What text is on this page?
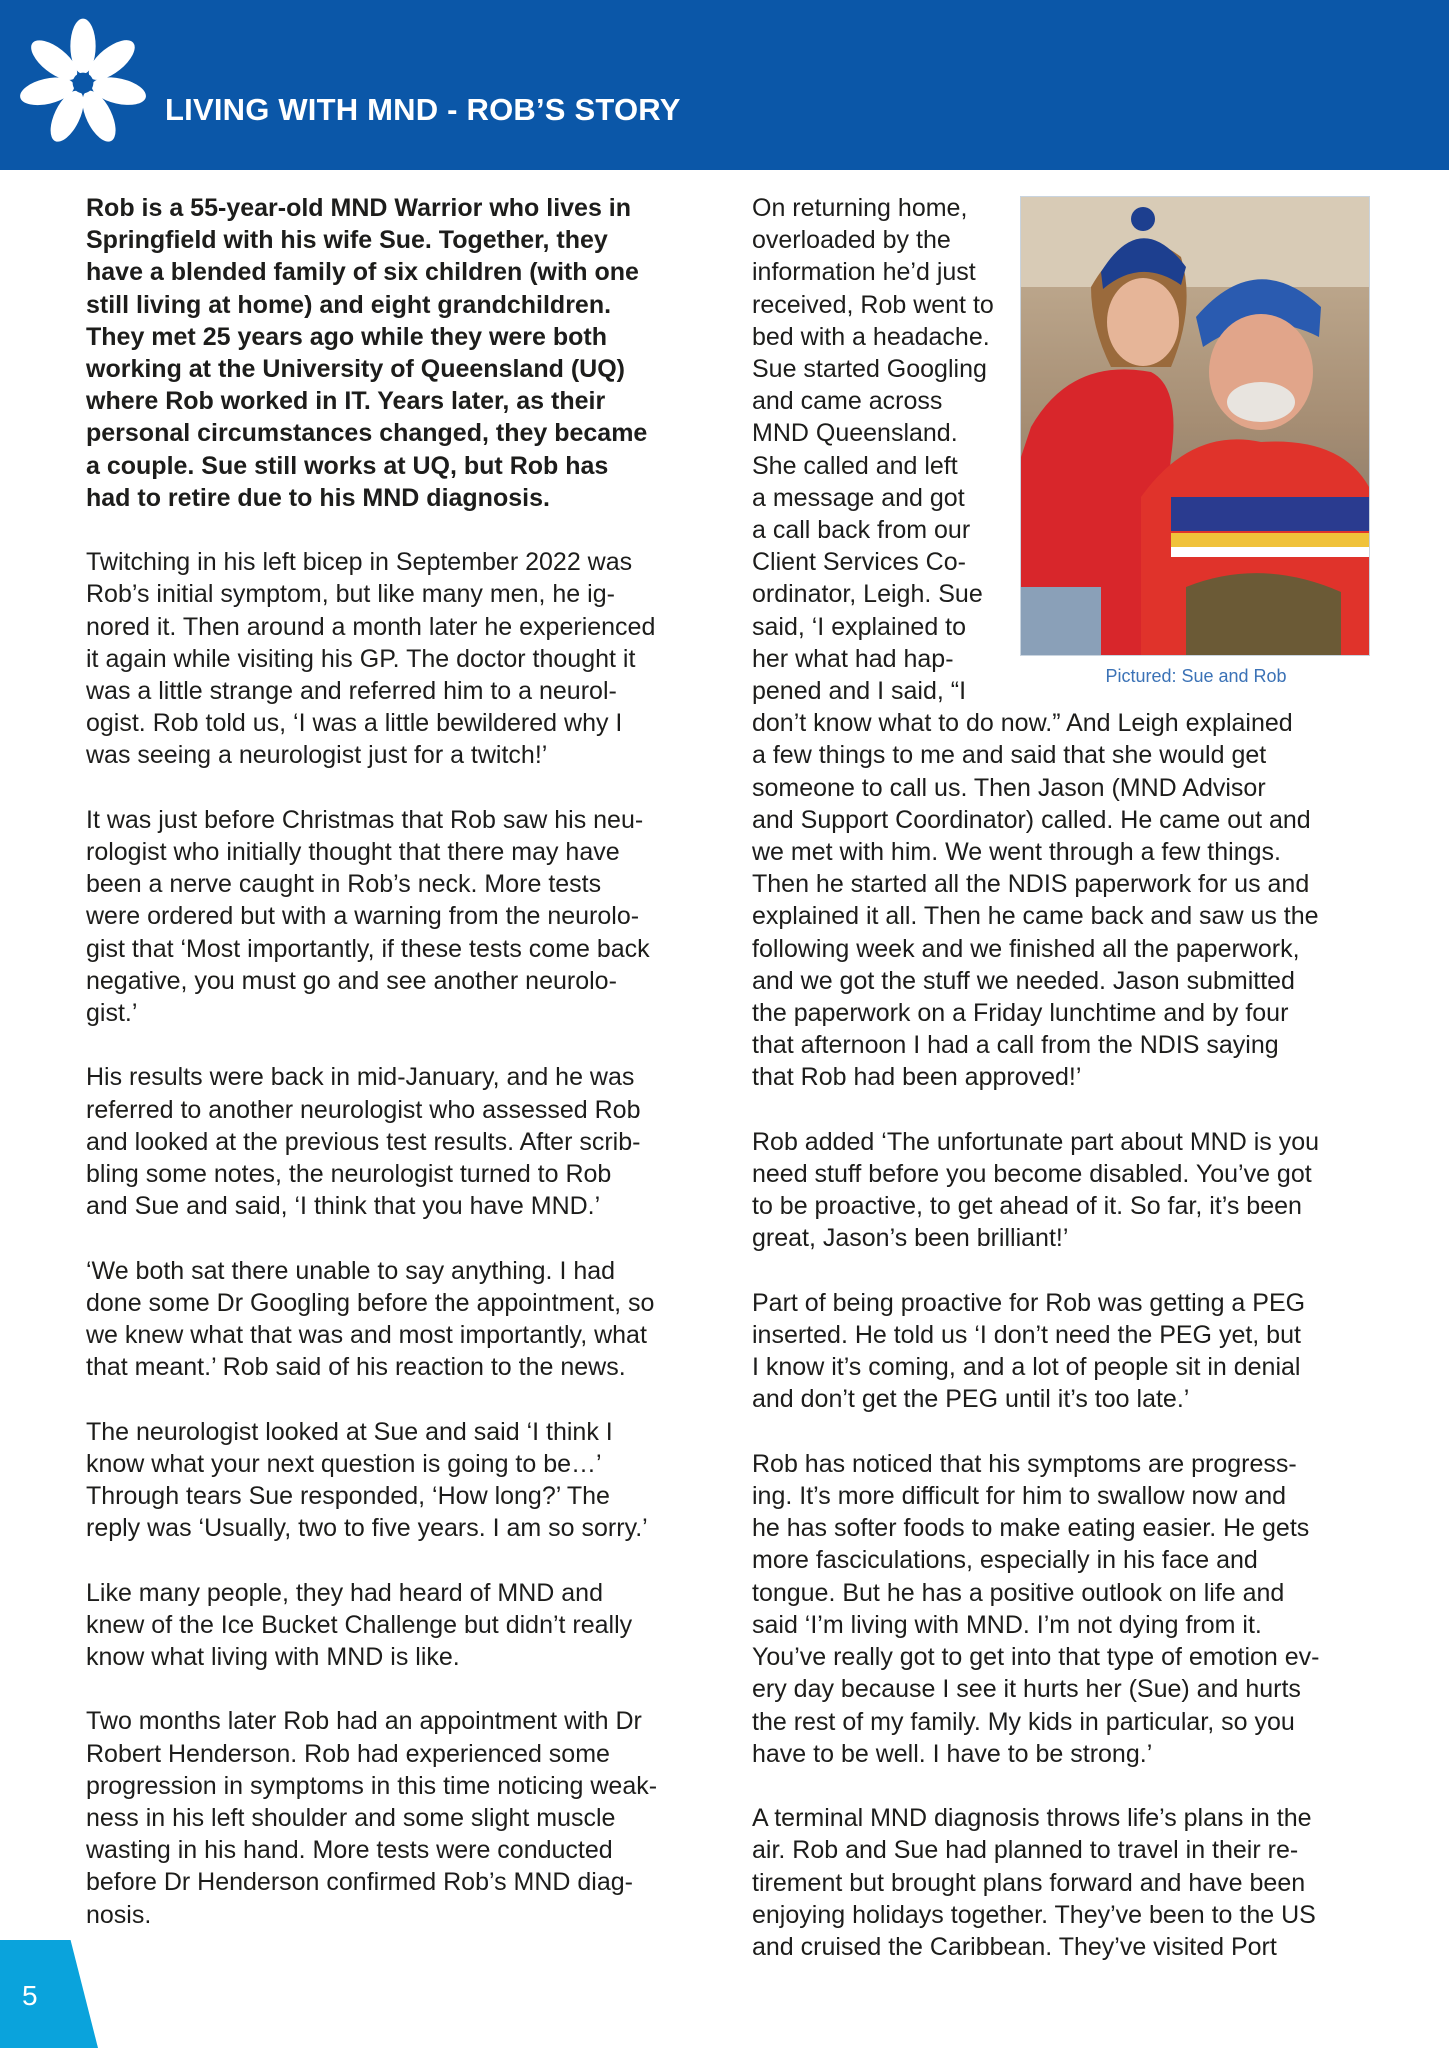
LIVING WITH MND - ROB’S STORY

Rob is a 55-year-old MND Warrior who lives in
Springfield with his wife Sue. Together, they
have a blended family of six children (with one
still living at home) and eight grandchildren.
They met 25 years ago while they were both
working at the University of Queensland (UQ)
where Rob worked in IT. Years later, as their
personal circumstances changed, they became
a couple. Sue still works at UQ, but Rob has
had to retire due to his MND diagnosis.

Twitching in his left bicep in September 2022 was
Rob’s initial symptom, but like many men, he ig-
nored it. Then around a month later he experienced
it again while visiting his GP. The doctor thought it
was a little strange and referred him to a neurol-
ogist. Rob told us, ‘I was a little bewildered why I
was seeing a neurologist just for a twitch!’

It was just before Christmas that Rob saw his neu-
rologist who initially thought that there may have
been a nerve caught in Rob’s neck. More tests
were ordered but with a warning from the neurolo-
gist that ‘Most importantly, if these tests come back
negative, you must go and see another neurolo-
gist.’

His results were back in mid-January, and he was
referred to another neurologist who assessed Rob
and looked at the previous test results. After scrib-
bling some notes, the neurologist turned to Rob
and Sue and said, ‘I think that you have MND.’

‘We both sat there unable to say anything. I had
done some Dr Googling before the appointment, so
we knew what that was and most importantly, what
that meant.’ Rob said of his reaction to the news.

The neurologist looked at Sue and said ‘I think I
know what your next question is going to be…’
Through tears Sue responded, ‘How long?’ The
reply was ‘Usually, two to five years. I am so sorry.’

Like many people, they had heard of MND and
knew of the Ice Bucket Challenge but didn’t really
know what living with MND is like.

Two months later Rob had an appointment with Dr
Robert Henderson. Rob had experienced some
progression in symptoms in this time noticing weak-
ness in his left shoulder and some slight muscle
wasting in his hand. More tests were conducted
before Dr Henderson confirmed Rob’s MND diag-
nosis.

Pictured: Sue and Rob

On returning home,
overloaded by the
information he’d just
received, Rob went to
bed with a headache.
Sue started Googling
and came across
MND Queensland.
She called and left
a message and got
a call back from our
Client Services Co-
ordinator, Leigh. Sue
said, ‘I explained to
her what had hap-
pened and I said, “I
don’t know what to do now.” And Leigh explained
a few things to me and said that she would get
someone to call us. Then Jason (MND Advisor
and Support Coordinator) called. He came out and
we met with him. We went through a few things.
Then he started all the NDIS paperwork for us and
explained it all. Then he came back and saw us the
following week and we finished all the paperwork,
and we got the stuff we needed. Jason submitted
the paperwork on a Friday lunchtime and by four
that afternoon I had a call from the NDIS saying
that Rob had been approved!’

Rob added ‘The unfortunate part about MND is you
need stuff before you become disabled. You’ve got
to be proactive, to get ahead of it. So far, it’s been
great, Jason’s been brilliant!’

Part of being proactive for Rob was getting a PEG
inserted. He told us ‘I don’t need the PEG yet, but
I know it’s coming, and a lot of people sit in denial
and don’t get the PEG until it’s too late.’

Rob has noticed that his symptoms are progress-
ing. It’s more difficult for him to swallow now and
he has softer foods to make eating easier. He gets
more fasciculations, especially in his face and
tongue. But he has a positive outlook on life and
said ‘I’m living with MND. I’m not dying from it.
You’ve really got to get into that type of emotion ev-
ery day because I see it hurts her (Sue) and hurts
the rest of my family. My kids in particular, so you
have to be well. I have to be strong.’

A terminal MND diagnosis throws life’s plans in the
air. Rob and Sue had planned to travel in their re-
tirement but brought plans forward and have been
enjoying holidays together. They’ve been to the US
and cruised the Caribbean. They’ve visited Port

5
